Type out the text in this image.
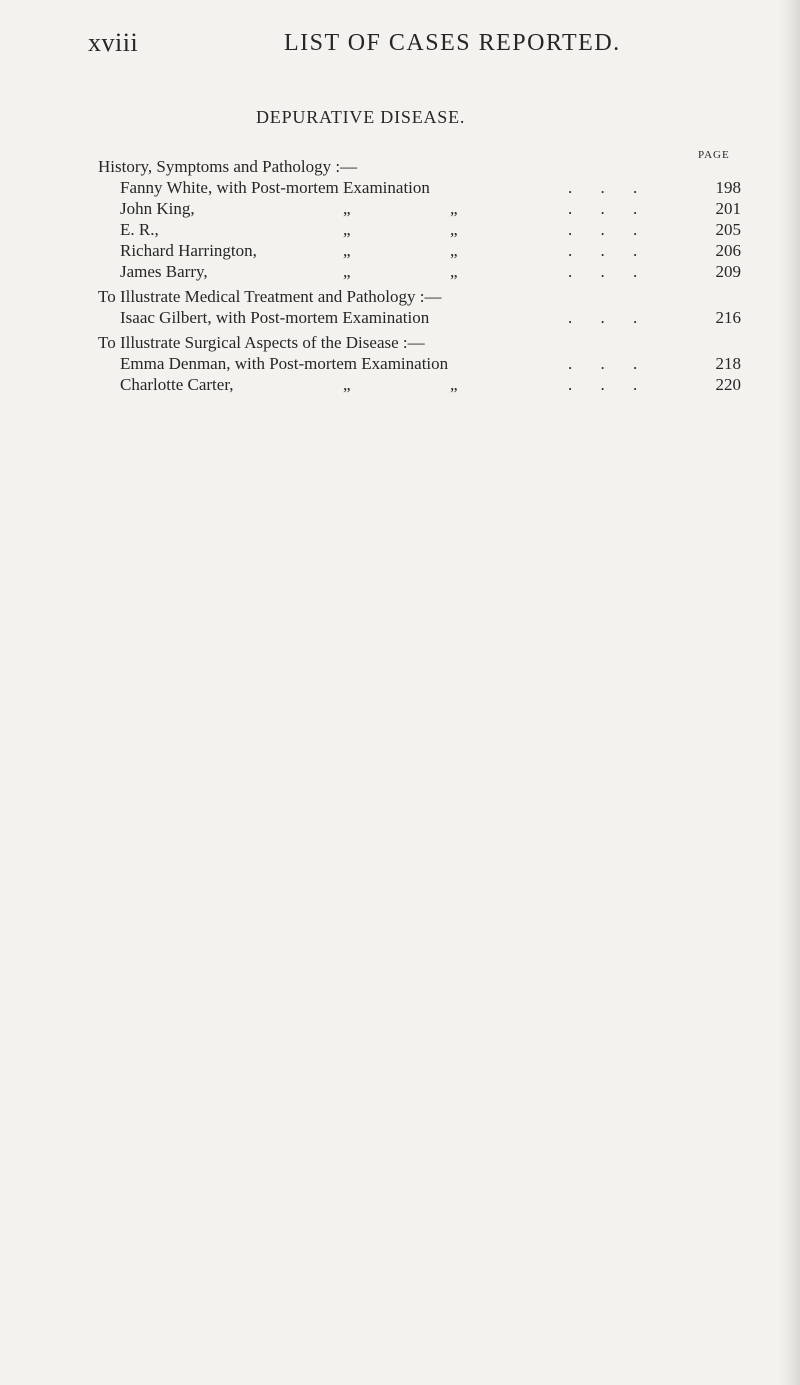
xviii	LIST OF CASES REPORTED.
DEPURATIVE DISEASE.
PAGE
History, Symptoms and Pathology :—
Fanny White, with Post-mortem Examination	. . .	198
John King,	„	„	. . .	201
E. R.,	„	„	. . .	205
Richard Harrington,	„	„	. . .	206
James Barry,	„	„	. . .	209
To Illustrate Medical Treatment and Pathology :—
Isaac Gilbert, with Post-mortem Examination	. . .	216
To Illustrate Surgical Aspects of the Disease :—
Emma Denman, with Post-mortem Examination	. . .	218
Charlotte Carter,	„	„	. . .	220
